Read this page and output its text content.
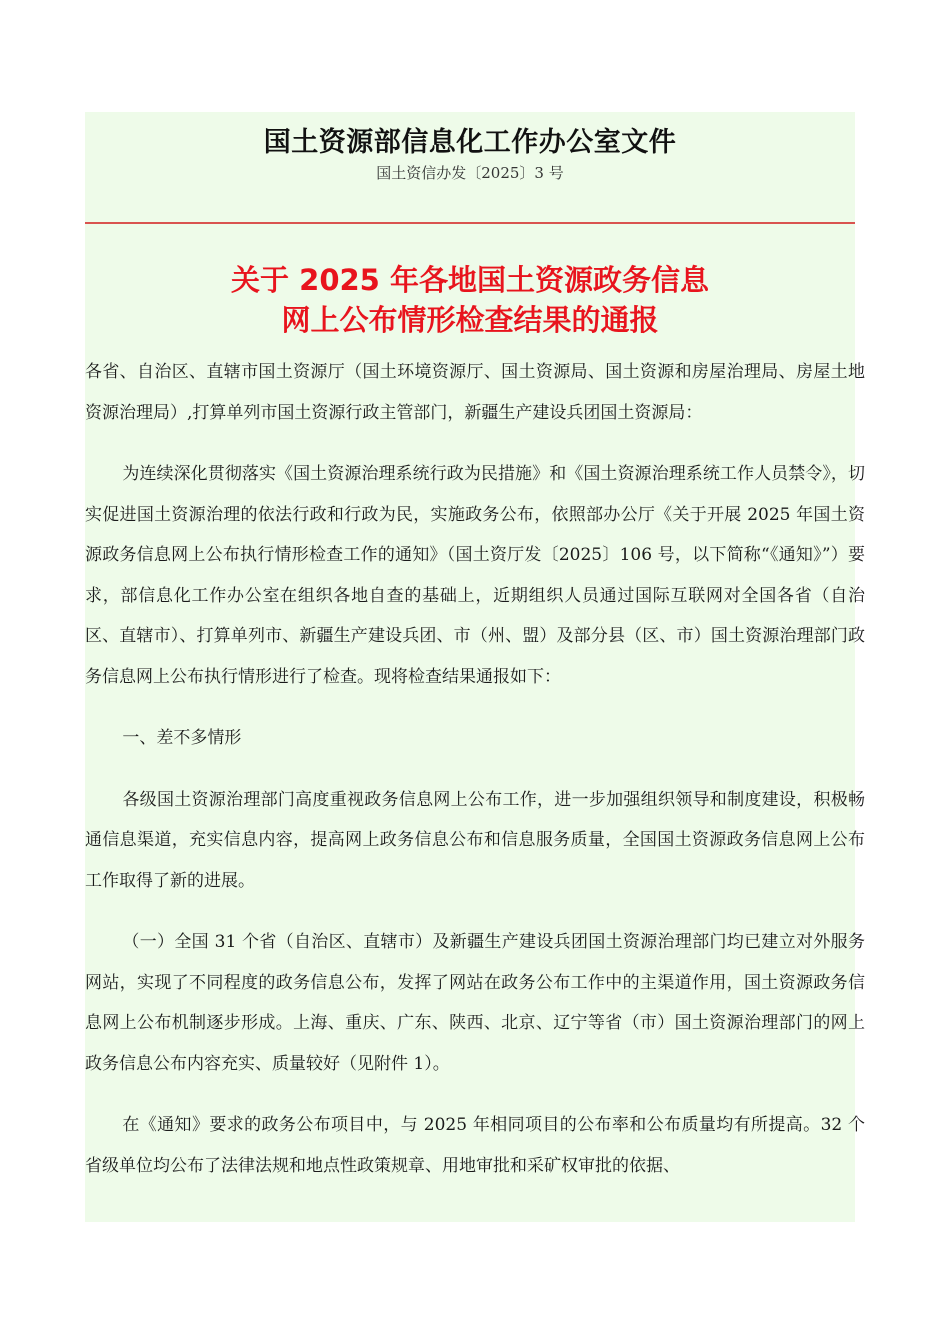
国土资源部信息化工作办公室文件
国土资信办发〔2025〕3 号
关于 2025 年各地国土资源政务信息
网上公布情形检查结果的通报

各省、自治区、直辖市国土资源厅（国土环境资源厅、国土资源局、国土资源和房屋治理局、房屋土地资源治理局）,打算单列市国土资源行政主管部门，新疆生产建设兵团国土资源局：

为连续深化贯彻落实《国土资源治理系统行政为民措施》和《国土资源治理系统工作人员禁令》，切实促进国土资源治理的依法行政和行政为民，实施政务公布，依照部办公厅《关于开展 2025 年国土资源政务信息网上公布执行情形检查工作的通知》（国土资厅发〔2025〕106 号，以下简称“《通知》”）要求，部信息化工作办公室在组织各地自查的基础上，近期组织人员通过国际互联网对全国各省（自治区、直辖市）、打算单列市、新疆生产建设兵团、市（州、盟）及部分县（区、市）国土资源治理部门政务信息网上公布执行情形进行了检查。现将检查结果通报如下：

一、差不多情形

各级国土资源治理部门高度重视政务信息网上公布工作，进一步加强组织领导和制度建设，积极畅通信息渠道，充实信息内容，提高网上政务信息公布和信息服务质量，全国国土资源政务信息网上公布工作取得了新的进展。

（一）全国 31 个省（自治区、直辖市）及新疆生产建设兵团国土资源治理部门均已建立对外服务网站，实现了不同程度的政务信息公布，发挥了网站在政务公布工作中的主渠道作用，国土资源政务信息网上公布机制逐步形成。上海、重庆、广东、陕西、北京、辽宁等省（市）国土资源治理部门的网上政务信息公布内容充实、质量较好（见附件 1）。

在《通知》要求的政务公布项目中，与 2025 年相同项目的公布率和公布质量均有所提高。32 个省级单位均公布了法律法规和地点性政策规章、用地审批和采矿权审批的依据、
